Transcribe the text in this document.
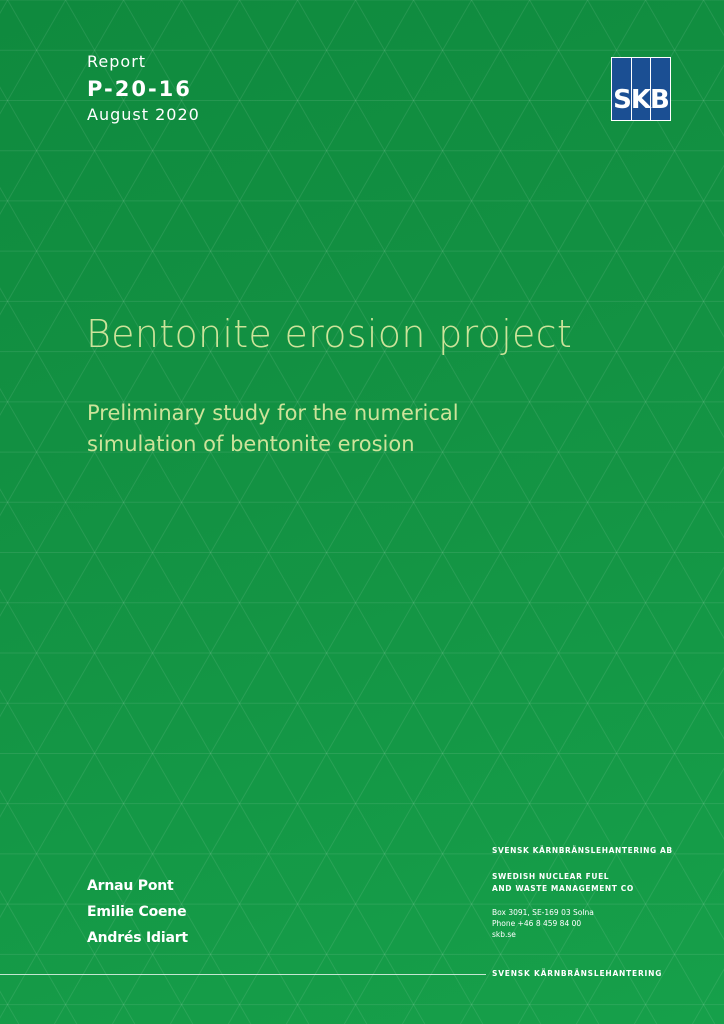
Report
P-20-16
August 2020	SKB
Bentonite erosion project
Preliminary study for the numerical simulation of bentonite erosion
Arnau Pont
Emilie Coene
Andrés Idiart
SVENSK KÄRNBRÄNSLEHANTERING AB
SWEDISH NUCLEAR FUEL
AND WASTE MANAGEMENT CO
Box 3091, SE-169 03 Solna
Phone +46 8 459 84 00
skb.se
SVENSK KÄRNBRÄNSLEHANTERING
